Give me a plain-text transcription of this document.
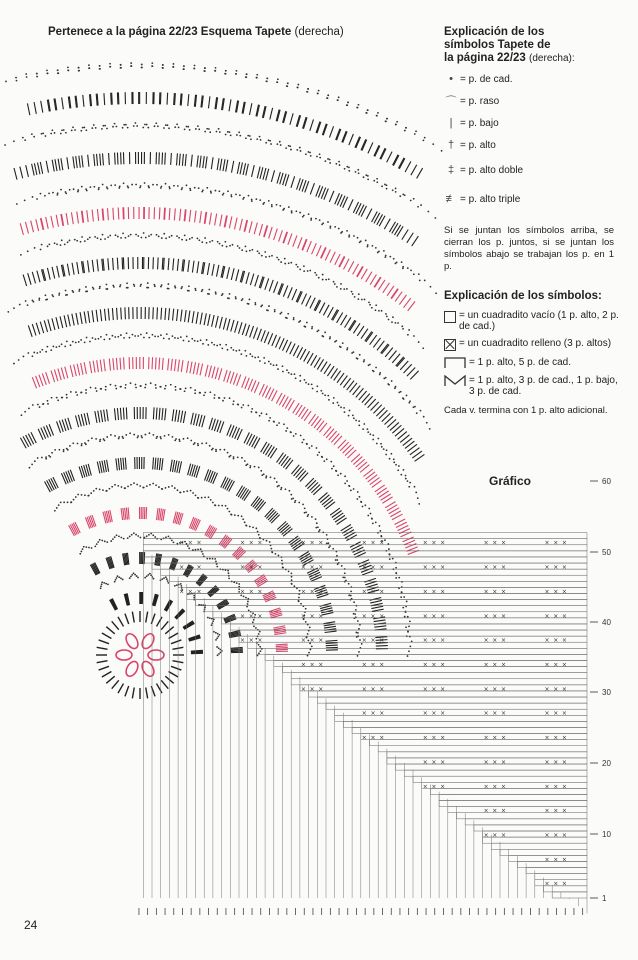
Pertenece a la página 22/23 Esquema Tapete (derecha)	Explicación de los
símbolos Tapete de
la página 22/23 (derecha):
• = p. de cad.
⌒ = p. raso
| = p. bajo
† = p. alto
‡ = p. alto doble
≢ = p. alto triple
Si se juntan los símbolos arriba, se cierran los p. juntos, si se juntan los símbolos abajo se trabajan los p. en 1 p.
Explicación de los símbolos:
= un cuadradito vacío (1 p. alto, 2 p. de cad.)
= un cuadradito relleno (3 p. altos)
= 1 p. alto, 5 p. de cad.
= 1 p. alto, 3 p. de cad., 1 p. bajo, 3 p. de cad.
Cada v. termina con 1 p. alto adicional.
Gráfico
×
×
×
×
×
×
×
×
×
×
×
×
×
×
×
×
×
×
×
×
×
×
×
×
×
×
×
×
×
×
×
×
×
×
×
×
×
×
×
×
×
×
×
×
×
×
×
×
×
×
×
×
×
×
×
×
×
×
×
×
×
×
×
×
×
×
×
×
×
×
×
×
×
×
×
×
×
×
×
×
×
×
×
×
×
×
×
×
×
×
×
×
×
×
×
×
×
×
×
×
×
×
×
×
×
×
×
×
×
×
×
×
×
×
×
×
×
×
×
×
×
×
×
×
×
×
×
×
×
×
×
×
×
×
×
×
×
×
×
×
×
×
×
×
×
×
×
×
×
×
×
×
×
×
×
×
×
×
×
×
×
×
×
×
×
×
×
×
×
×
×
×
×
×
×
×
×
×
×
×
×
×
×
×
×
×
×
×
×
60
50
40
30
20
10
1
24
